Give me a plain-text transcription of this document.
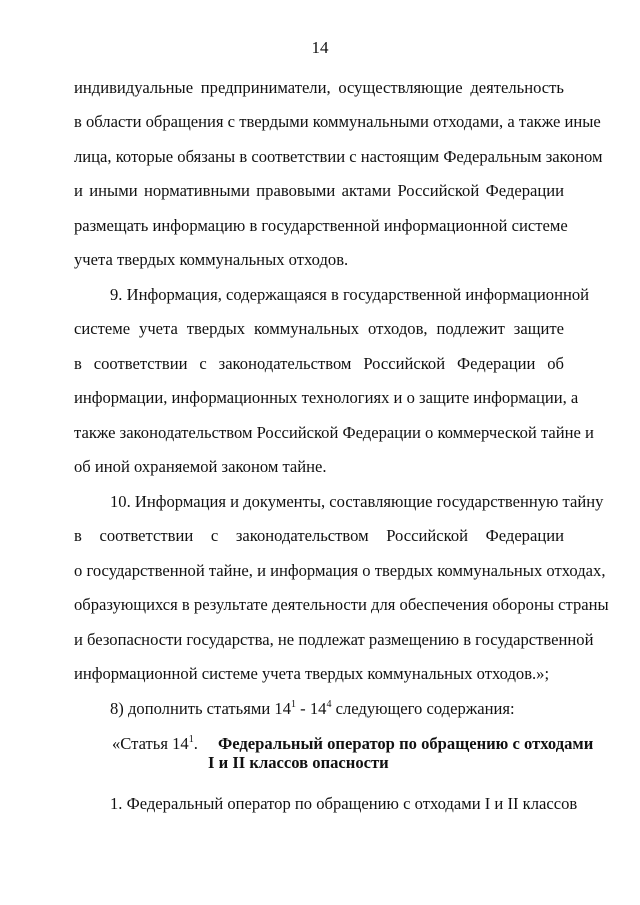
14
индивидуальные предприниматели, осуществляющие деятельность
в области обращения с твердыми коммунальными отходами, а также иные
лица, которые обязаны в соответствии с настоящим Федеральным законом
и иными нормативными правовыми актами Российской Федерации
размещать информацию в государственной информационной системе
учета твердых коммунальных отходов.
9. Информация, содержащаяся в государственной информационной
системе учета твердых коммунальных отходов, подлежит защите
в соответствии с законодательством Российской Федерации об
информации, информационных технологиях и о защите информации, а
также законодательством Российской Федерации о коммерческой тайне и
об иной охраняемой законом тайне.
10. Информация и документы, составляющие государственную тайну
в соответствии с законодательством Российской Федерации
о государственной тайне, и информация о твердых коммунальных отходах,
образующихся в результате деятельности для обеспечения обороны страны
и безопасности государства, не подлежат размещению в государственной
информационной системе учета твердых коммунальных отходов.»;
8) дополнить статьями $14^1 - 14^4$ следующего содержания:
«Статья $14^1$. Федеральный оператор по обращению с отходами
I и II классов опасности
1. Федеральный оператор по обращению с отходами I и II классов
